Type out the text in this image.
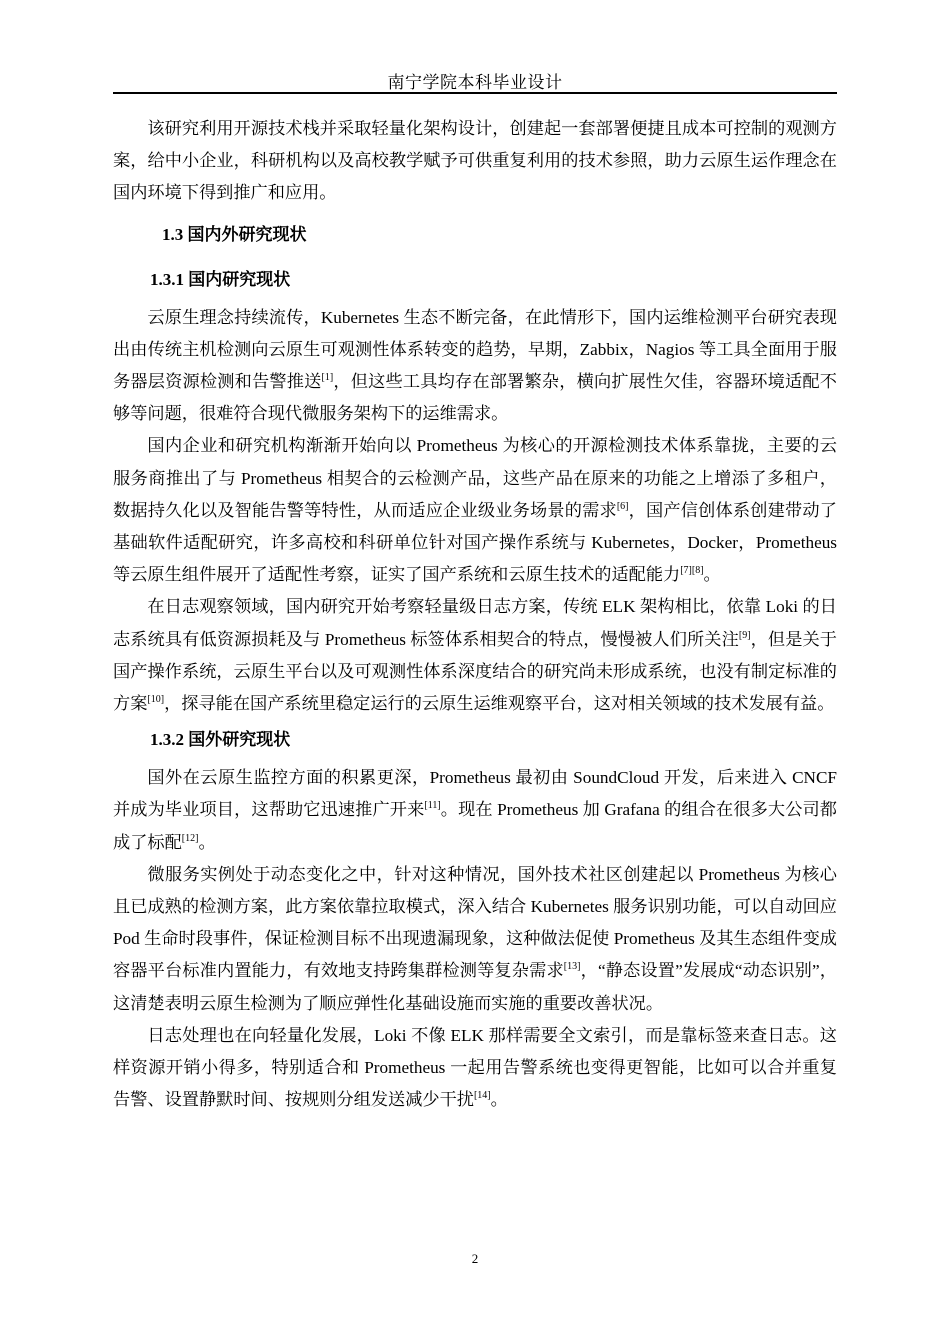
南宁学院本科毕业设计

该研究利用开源技术栈并采取轻量化架构设计，创建起一套部署便捷且成本可控制的观测方案，给中小企业，科研机构以及高校教学赋予可供重复利用的技术参照，助力云原生运作理念在国内环境下得到推广和应用。

1.3 国内外研究现状
1.3.1 国内研究现状

云原生理念持续流传，Kubernetes 生态不断完备，在此情形下，国内运维检测平台研究表现出由传统主机检测向云原生可观测性体系转变的趋势，早期，Zabbix，Nagios 等工具全面用于服务器层资源检测和告警推送[1]，但这些工具均存在部署繁杂，横向扩展性欠佳，容器环境适配不够等问题，很难符合现代微服务架构下的运维需求。

国内企业和研究机构渐渐开始向以 Prometheus 为核心的开源检测技术体系靠拢，主要的云服务商推出了与 Prometheus 相契合的云检测产品，这些产品在原来的功能之上增添了多租户，数据持久化以及智能告警等特性，从而适应企业级业务场景的需求[6]，国产信创体系创建带动了基础软件适配研究，许多高校和科研单位针对国产操作系统与 Kubernetes，Docker，Prometheus 等云原生组件展开了适配性考察，证实了国产系统和云原生技术的适配能力[7][8]。

在日志观察领域，国内研究开始考察轻量级日志方案，传统 ELK 架构相比，依靠 Loki 的日志系统具有低资源损耗及与 Prometheus 标签体系相契合的特点，慢慢被人们所关注[9]，但是关于国产操作系统，云原生平台以及可观测性体系深度结合的研究尚未形成系统，也没有制定标准的方案[10]，探寻能在国产系统里稳定运行的云原生运维观察平台，这对相关领域的技术发展有益。

1.3.2 国外研究现状

国外在云原生监控方面的积累更深，Prometheus 最初由 SoundCloud 开发，后来进入 CNCF 并成为毕业项目，这帮助它迅速推广开来[11]。现在 Prometheus 加 Grafana 的组合在很多大公司都成了标配[12]。

微服务实例处于动态变化之中，针对这种情况，国外技术社区创建起以 Prometheus 为核心且已成熟的检测方案，此方案依靠拉取模式，深入结合 Kubernetes 服务识别功能，可以自动回应 Pod 生命时段事件，保证检测目标不出现遗漏现象，这种做法促使 Prometheus 及其生态组件变成容器平台标准内置能力，有效地支持跨集群检测等复杂需求[13]，“静态设置”发展成“动态识别”，这清楚表明云原生检测为了顺应弹性化基础设施而实施的重要改善状况。

日志处理也在向轻量化发展，Loki 不像 ELK 那样需要全文索引，而是靠标签来查日志。这样资源开销小得多，特别适合和 Prometheus 一起用告警系统也变得更智能，比如可以合并重复告警、设置静默时间、按规则分组发送减少干扰[14]。

2
